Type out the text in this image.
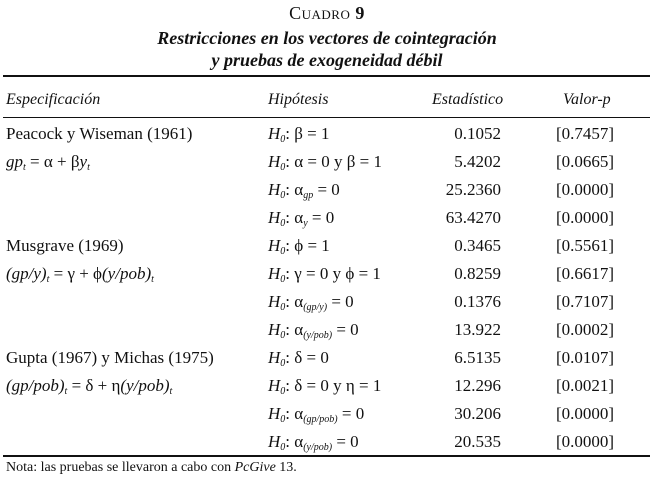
Cuadro 9
Restricciones en los vectores de cointegración
y pruebas de exogeneidad débil
Especificación	Hipótesis	Estadístico	Valor-p
Peacock y Wiseman (1961)
$gp_t = \alpha + \beta y_t$
$H_0$: β = 1	0.1052	[0.7457]
$H_0$: α = 0 y β = 1	5.4202	[0.0665]
$H_0$: $\alpha_{gp} = 0$	25.2360	[0.0000]
$H_0$: $\alpha_y = 0$	63.4270	[0.0000]
Musgrave (1969)
$(gp/y)_t = \gamma + \phi(y/pob)_t$
$H_0$: ϕ = 1	0.3465	[0.5561]
$H_0$: γ = 0 y ϕ = 1	0.8259	[0.6617]
$H_0$: $\alpha_{(gp/y)} = 0$	0.1376	[0.7107]
$H_0$: $\alpha_{(y/pob)} = 0$	13.922	[0.0002]
Gupta (1967) y Michas (1975)
$(gp/pob)_t = \delta + \eta(y/pob)_t$
$H_0$: δ = 0	6.5135	[0.0107]
$H_0$: δ = 0 y η = 1	12.296	[0.0021]
$H_0$: $\alpha_{(gp/pob)} = 0$	30.206	[0.0000]
$H_0$: $\alpha_{(y/pob)} = 0$	20.535	[0.0000]
Nota: las pruebas se llevaron a cabo con PcGive 13.
